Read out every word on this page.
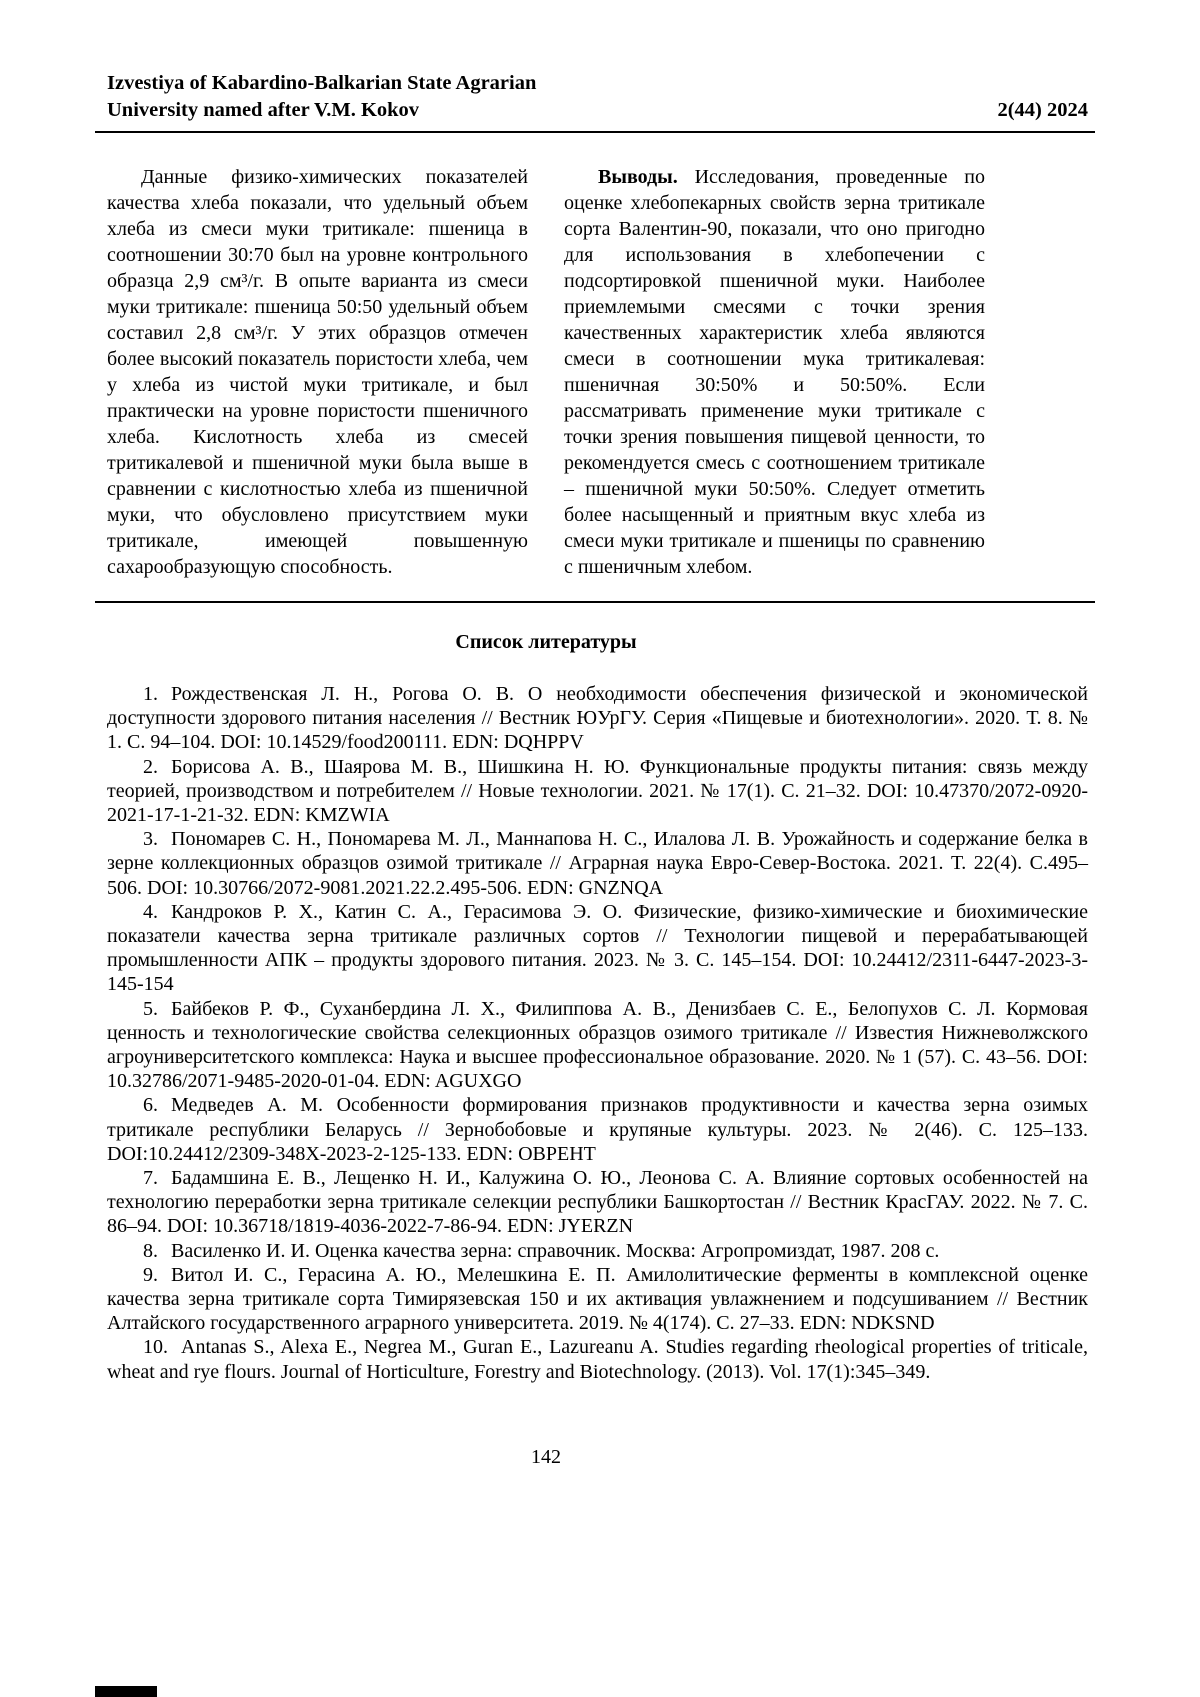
Izvestiya of Kabardino-Balkarian State Agrarian
University named after V.M. Kokov	2(44) 2024

Данные физико-химических показателей качества хлеба показали, что удельный объем хлеба из смеси муки тритикале: пшеница в соотношении 30:70 был на уровне контрольного образца 2,9 см³/г. В опыте варианта из смеси муки тритикале: пшеница 50:50 удельный объем составил 2,8 см³/г. У этих образцов отмечен более высокий показатель пористости хлеба, чем у хлеба из чистой муки тритикале, и был практически на уровне пористости пшеничного хлеба. Кислотность хлеба из смесей тритикалевой и пшеничной муки была выше в сравнении с кислотностью хлеба из пшеничной муки, что обусловлено присутствием муки тритикале, имеющей повышенную сахарообразующую способность.

Выводы. Исследования, проведенные по оценке хлебопекарных свойств зерна тритикале сорта Валентин-90, показали, что оно пригодно для использования в хлебопечении с подсортировкой пшеничной муки. Наиболее приемлемыми смесями с точки зрения качественных характеристик хлеба являются смеси в соотношении мука тритикалевая: пшеничная 30:50% и 50:50%. Если рассматривать применение муки тритикале с точки зрения повышения пищевой ценности, то рекомендуется смесь с соотношением тритикале – пшеничной муки 50:50%. Следует отметить более насыщенный и приятным вкус хлеба из смеси муки тритикале и пшеницы по сравнению с пшеничным хлебом.

Список литературы

1. Рождественская Л. Н., Рогова О. В. О необходимости обеспечения физической и экономической доступности здорового питания населения // Вестник ЮУрГУ. Серия «Пищевые и биотехнологии». 2020. Т. 8. № 1. С. 94–104. DOI: 10.14529/food200111. EDN: DQHPPV

2. Борисова А. В., Шаярова М. В., Шишкина Н. Ю. Функциональные продукты питания: связь между теорией, производством и потребителем // Новые технологии. 2021. № 17(1). С. 21–32. DOI: 10.47370/2072-0920-2021-17-1-21-32. EDN: KMZWIA

3. Пономарев С. Н., Пономарева М. Л., Маннапова Н. С., Илалова Л. В. Урожайность и содержание белка в зерне коллекционных образцов озимой тритикале // Аграрная наука Евро-Север-Востока. 2021. Т. 22(4). С.495–506. DOI: 10.30766/2072-9081.2021.22.2.495-506. EDN: GNZNQA

4. Кандроков Р. Х., Катин С. А., Герасимова Э. О. Физические, физико-химические и биохимические показатели качества зерна тритикале различных сортов // Технологии пищевой и перерабатывающей промышленности АПК – продукты здорового питания. 2023. № 3. С. 145–154. DOI: 10.24412/2311-6447-2023-3-145-154

5. Байбеков Р. Ф., Суханбердина Л. Х., Филиппова А. В., Денизбаев С. Е., Белопухов С. Л. Кормовая ценность и технологические свойства селекционных образцов озимого тритикале // Известия Нижневолжского агроуниверситетского комплекса: Наука и высшее профессиональное образование. 2020. № 1 (57). С. 43–56. DOI: 10.32786/2071-9485-2020-01-04. EDN: AGUXGO

6. Медведев А. М. Особенности формирования признаков продуктивности и качества зерна озимых тритикале республики Беларусь // Зернобобовые и крупяные культуры. 2023. № 2(46). С. 125–133. DOI:10.24412/2309-348X-2023-2-125-133. EDN: OBPEHT

7. Бадамшина Е. В., Лещенко Н. И., Калужина О. Ю., Леонова С. А. Влияние сортовых особенностей на технологию переработки зерна тритикале селекции республики Башкортостан // Вестник КрасГАУ. 2022. № 7. С. 86–94. DOI: 10.36718/1819-4036-2022-7-86-94. EDN: JYERZN

8. Василенко И. И. Оценка качества зерна: справочник. Москва: Агропромиздат, 1987. 208 с.

9. Витол И. С., Герасина А. Ю., Мелешкина Е. П. Амилолитические ферменты в комплексной оценке качества зерна тритикале сорта Тимирязевская 150 и их активация увлажнением и подсушиванием // Вестник Алтайского государственного аграрного университета. 2019. № 4(174). С. 27–33. EDN: NDKSND

10. Antanas S., Alexa E., Negrea M., Guran E., Lazureanu A. Studies regarding rheological properties of triticale, wheat and rye flours. Journal of Horticulture, Forestry and Biotechnology. (2013). Vol. 17(1):345–349.

142
